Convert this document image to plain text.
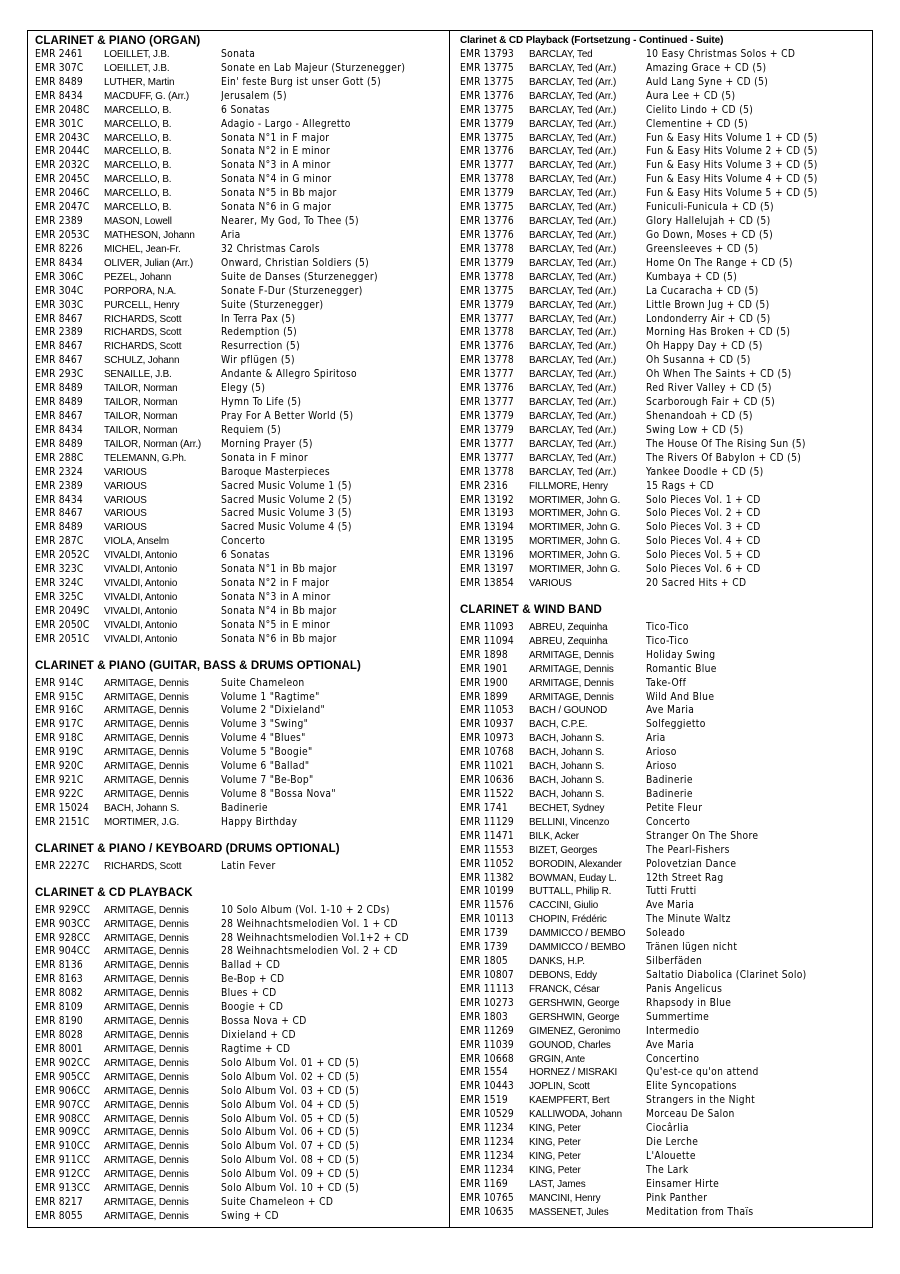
CLARINET & PIANO (ORGAN)
EMR 2461	LOEILLET, J.B.	Sonata
EMR 307C	LOEILLET, J.B.	Sonate en Lab Majeur (Sturzenegger)
EMR 8489	LUTHER, Martin	Ein' feste Burg ist unser Gott (5)
EMR 8434	MACDUFF, G. (Arr.)	Jerusalem (5)
EMR 2048C	MARCELLO, B.	6 Sonatas
EMR 301C	MARCELLO, B.	Adagio - Largo - Allegretto
EMR 2043C	MARCELLO, B.	Sonata N°1 in F major
EMR 2044C	MARCELLO, B.	Sonata N°2 in E minor
EMR 2032C	MARCELLO, B.	Sonata N°3 in A minor
EMR 2045C	MARCELLO, B.	Sonata N°4 in G minor
EMR 2046C	MARCELLO, B.	Sonata N°5 in Bb major
EMR 2047C	MARCELLO, B.	Sonata N°6 in G major
EMR 2389	MASON, Lowell	Nearer, My God, To Thee (5)
EMR 2053C	MATHESON, Johann	Aria
EMR 8226	MICHEL, Jean-Fr.	32 Christmas Carols
EMR 8434	OLIVER, Julian (Arr.)	Onward, Christian Soldiers (5)
EMR 306C	PEZEL, Johann	Suite de Danses (Sturzenegger)
EMR 304C	PORPORA, N.A.	Sonate F-Dur (Sturzenegger)
EMR 303C	PURCELL, Henry	Suite (Sturzenegger)
EMR 8467	RICHARDS, Scott	In Terra Pax (5)
EMR 2389	RICHARDS, Scott	Redemption (5)
EMR 8467	RICHARDS, Scott	Resurrection (5)
EMR 8467	SCHULZ, Johann	Wir pflügen (5)
EMR 293C	SENAILLE, J.B.	Andante & Allegro Spiritoso
EMR 8489	TAILOR, Norman	Elegy (5)
EMR 8489	TAILOR, Norman	Hymn To Life (5)
EMR 8467	TAILOR, Norman	Pray For A Better World (5)
EMR 8434	TAILOR, Norman	Requiem (5)
EMR 8489	TAILOR, Norman (Arr.)	Morning Prayer (5)
EMR 288C	TELEMANN, G.Ph.	Sonata in F minor
EMR 2324	VARIOUS	Baroque Masterpieces
EMR 2389	VARIOUS	Sacred Music Volume 1 (5)
EMR 8434	VARIOUS	Sacred Music Volume 2 (5)
EMR 8467	VARIOUS	Sacred Music Volume 3 (5)
EMR 8489	VARIOUS	Sacred Music Volume 4 (5)
EMR 287C	VIOLA, Anselm	Concerto
EMR 2052C	VIVALDI, Antonio	6 Sonatas
EMR 323C	VIVALDI, Antonio	Sonata N°1 in Bb major
EMR 324C	VIVALDI, Antonio	Sonata N°2 in F major
EMR 325C	VIVALDI, Antonio	Sonata N°3 in A minor
EMR 2049C	VIVALDI, Antonio	Sonata N°4 in Bb major
EMR 2050C	VIVALDI, Antonio	Sonata N°5 in E minor
EMR 2051C	VIVALDI, Antonio	Sonata N°6 in Bb major
CLARINET & PIANO (GUITAR, BASS & DRUMS OPTIONAL)
EMR 914C	ARMITAGE, Dennis	Suite Chameleon
EMR 915C	ARMITAGE, Dennis	Volume 1 "Ragtime"
EMR 916C	ARMITAGE, Dennis	Volume 2 "Dixieland"
EMR 917C	ARMITAGE, Dennis	Volume 3 "Swing"
EMR 918C	ARMITAGE, Dennis	Volume 4 "Blues"
EMR 919C	ARMITAGE, Dennis	Volume 5 "Boogie"
EMR 920C	ARMITAGE, Dennis	Volume 6 "Ballad"
EMR 921C	ARMITAGE, Dennis	Volume 7 "Be-Bop"
EMR 922C	ARMITAGE, Dennis	Volume 8 "Bossa Nova"
EMR 15024	BACH, Johann S.	Badinerie
EMR 2151C	MORTIMER, J.G.	Happy Birthday
CLARINET & PIANO / KEYBOARD (DRUMS OPTIONAL)
EMR 2227C	RICHARDS, Scott	Latin Fever
CLARINET & CD PLAYBACK
EMR 929CC	ARMITAGE, Dennis	10 Solo Album (Vol. 1-10 + 2 CDs)
EMR 903CC	ARMITAGE, Dennis	28 Weihnachtsmelodien Vol. 1 + CD
EMR 928CC	ARMITAGE, Dennis	28 Weihnachtsmelodien Vol.1+2 + CD
EMR 904CC	ARMITAGE, Dennis	28 Weihnachtsmelodien Vol. 2 + CD
EMR 8136	ARMITAGE, Dennis	Ballad + CD
EMR 8163	ARMITAGE, Dennis	Be-Bop + CD
EMR 8082	ARMITAGE, Dennis	Blues + CD
EMR 8109	ARMITAGE, Dennis	Boogie + CD
EMR 8190	ARMITAGE, Dennis	Bossa Nova + CD
EMR 8028	ARMITAGE, Dennis	Dixieland + CD
EMR 8001	ARMITAGE, Dennis	Ragtime + CD
EMR 902CC	ARMITAGE, Dennis	Solo Album Vol. 01 + CD (5)
EMR 905CC	ARMITAGE, Dennis	Solo Album Vol. 02 + CD (5)
EMR 906CC	ARMITAGE, Dennis	Solo Album Vol. 03 + CD (5)
EMR 907CC	ARMITAGE, Dennis	Solo Album Vol. 04 + CD (5)
EMR 908CC	ARMITAGE, Dennis	Solo Album Vol. 05 + CD (5)
EMR 909CC	ARMITAGE, Dennis	Solo Album Vol. 06 + CD (5)
EMR 910CC	ARMITAGE, Dennis	Solo Album Vol. 07 + CD (5)
EMR 911CC	ARMITAGE, Dennis	Solo Album Vol. 08 + CD (5)
EMR 912CC	ARMITAGE, Dennis	Solo Album Vol. 09 + CD (5)
EMR 913CC	ARMITAGE, Dennis	Solo Album Vol. 10 + CD (5)
EMR 8217	ARMITAGE, Dennis	Suite Chameleon + CD
EMR 8055	ARMITAGE, Dennis	Swing + CD
Clarinet & CD Playback (Fortsetzung - Continued - Suite)
EMR 13793	BARCLAY, Ted	10 Easy Christmas Solos + CD
EMR 13775	BARCLAY, Ted (Arr.)	Amazing Grace + CD (5)
EMR 13775	BARCLAY, Ted (Arr.)	Auld Lang Syne + CD (5)
EMR 13776	BARCLAY, Ted (Arr.)	Aura Lee + CD (5)
EMR 13775	BARCLAY, Ted (Arr.)	Cielito Lindo + CD (5)
EMR 13779	BARCLAY, Ted (Arr.)	Clementine + CD (5)
EMR 13775	BARCLAY, Ted (Arr.)	Fun & Easy Hits Volume 1 + CD (5)
EMR 13776	BARCLAY, Ted (Arr.)	Fun & Easy Hits Volume 2 + CD (5)
EMR 13777	BARCLAY, Ted (Arr.)	Fun & Easy Hits Volume 3 + CD (5)
EMR 13778	BARCLAY, Ted (Arr.)	Fun & Easy Hits Volume 4 + CD (5)
EMR 13779	BARCLAY, Ted (Arr.)	Fun & Easy Hits Volume 5 + CD (5)
EMR 13775	BARCLAY, Ted (Arr.)	Funiculi-Funicula + CD (5)
EMR 13776	BARCLAY, Ted (Arr.)	Glory Hallelujah + CD (5)
EMR 13776	BARCLAY, Ted (Arr.)	Go Down, Moses + CD (5)
EMR 13778	BARCLAY, Ted (Arr.)	Greensleeves + CD (5)
EMR 13779	BARCLAY, Ted (Arr.)	Home On The Range + CD (5)
EMR 13778	BARCLAY, Ted (Arr.)	Kumbaya + CD (5)
EMR 13775	BARCLAY, Ted (Arr.)	La Cucaracha + CD (5)
EMR 13779	BARCLAY, Ted (Arr.)	Little Brown Jug + CD (5)
EMR 13777	BARCLAY, Ted (Arr.)	Londonderry Air + CD (5)
EMR 13778	BARCLAY, Ted (Arr.)	Morning Has Broken + CD (5)
EMR 13776	BARCLAY, Ted (Arr.)	Oh Happy Day + CD (5)
EMR 13778	BARCLAY, Ted (Arr.)	Oh Susanna + CD (5)
EMR 13777	BARCLAY, Ted (Arr.)	Oh When The Saints + CD (5)
EMR 13776	BARCLAY, Ted (Arr.)	Red River Valley + CD (5)
EMR 13777	BARCLAY, Ted (Arr.)	Scarborough Fair + CD (5)
EMR 13779	BARCLAY, Ted (Arr.)	Shenandoah + CD (5)
EMR 13779	BARCLAY, Ted (Arr.)	Swing Low + CD (5)
EMR 13777	BARCLAY, Ted (Arr.)	The House Of The Rising Sun (5)
EMR 13777	BARCLAY, Ted (Arr.)	The Rivers Of Babylon + CD (5)
EMR 13778	BARCLAY, Ted (Arr.)	Yankee Doodle + CD (5)
EMR 2316	FILLMORE, Henry	15 Rags + CD
EMR 13192	MORTIMER, John G.	Solo Pieces Vol. 1 + CD
EMR 13193	MORTIMER, John G.	Solo Pieces Vol. 2 + CD
EMR 13194	MORTIMER, John G.	Solo Pieces Vol. 3 + CD
EMR 13195	MORTIMER, John G.	Solo Pieces Vol. 4 + CD
EMR 13196	MORTIMER, John G.	Solo Pieces Vol. 5 + CD
EMR 13197	MORTIMER, John G.	Solo Pieces Vol. 6 + CD
EMR 13854	VARIOUS	20 Sacred Hits + CD
CLARINET & WIND BAND
EMR 11093	ABREU, Zequinha	Tico-Tico
EMR 11094	ABREU, Zequinha	Tico-Tico
EMR 1898	ARMITAGE, Dennis	Holiday Swing
EMR 1901	ARMITAGE, Dennis	Romantic Blue
EMR 1900	ARMITAGE, Dennis	Take-Off
EMR 1899	ARMITAGE, Dennis	Wild And Blue
EMR 11053	BACH / GOUNOD	Ave Maria
EMR 10937	BACH, C.P.E.	Solfeggietto
EMR 10973	BACH, Johann S.	Aria
EMR 10768	BACH, Johann S.	Arioso
EMR 11021	BACH, Johann S.	Arioso
EMR 10636	BACH, Johann S.	Badinerie
EMR 11522	BACH, Johann S.	Badinerie
EMR 1741	BECHET, Sydney	Petite Fleur
EMR 11129	BELLINI, Vincenzo	Concerto
EMR 11471	BILK, Acker	Stranger On The Shore
EMR 11553	BIZET, Georges	The Pearl-Fishers
EMR 11052	BORODIN, Alexander	Polovetzian Dance
EMR 11382	BOWMAN, Euday L.	12th Street Rag
EMR 10199	BUTTALL, Philip R.	Tutti Frutti
EMR 11576	CACCINI, Giulio	Ave Maria
EMR 10113	CHOPIN, Frédéric	The Minute Waltz
EMR 1739	DAMMICCO / BEMBO	Soleado
EMR 1739	DAMMICCO / BEMBO	Tränen lügen nicht
EMR 1805	DANKS, H.P.	Silberfäden
EMR 10807	DEBONS, Eddy	Saltatio Diabolica (Clarinet Solo)
EMR 11113	FRANCK, César	Panis Angelicus
EMR 10273	GERSHWIN, George	Rhapsody in Blue
EMR 1803	GERSHWIN, George	Summertime
EMR 11269	GIMENEZ, Geronimo	Intermedio
EMR 11039	GOUNOD, Charles	Ave Maria
EMR 10668	GRGIN, Ante	Concertino
EMR 1554	HORNEZ / MISRAKI	Qu'est-ce qu'on attend
EMR 10443	JOPLIN, Scott	Elite Syncopations
EMR 1519	KAEMPFERT, Bert	Strangers in the Night
EMR 10529	KALLIWODA, Johann	Morceau De Salon
EMR 11234	KING, Peter	Ciocârlia
EMR 11234	KING, Peter	Die Lerche
EMR 11234	KING, Peter	L'Alouette
EMR 11234	KING, Peter	The Lark
EMR 1169	LAST, James	Einsamer Hirte
EMR 10765	MANCINI, Henry	Pink Panther
EMR 10635	MASSENET, Jules	Meditation from Thaïs
